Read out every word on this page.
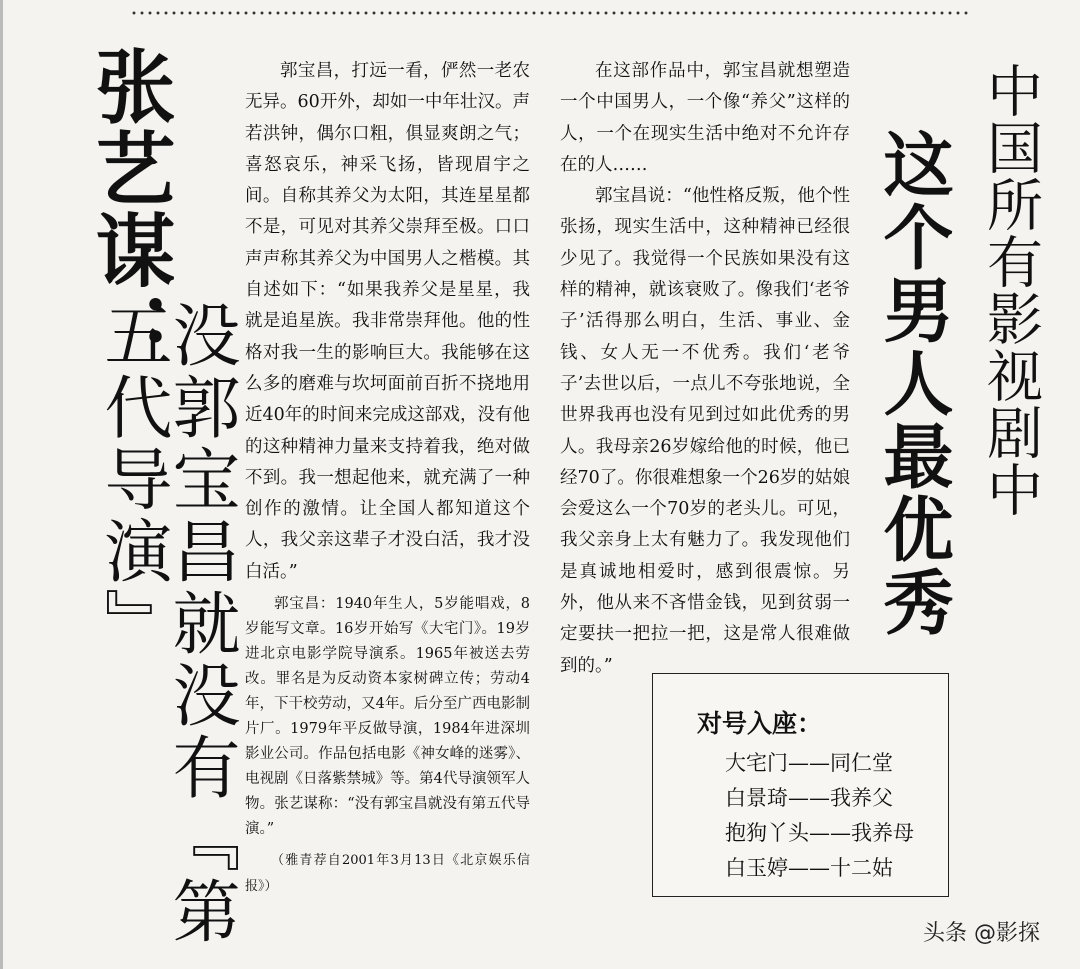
张艺谋：
没郭宝昌就没有『第五代导演』

郭宝昌，打远一看，俨然一老农无异。60开外，却如一中年壮汉。声若洪钟，偶尔口粗，俱显爽朗之气；喜怒哀乐，神采飞扬，皆现眉宇之间。自称其养父为太阳，其连星星都不是，可见对其养父崇拜至极。口口声声称其养父为中国男人之楷模。其自述如下：“如果我养父是星星，我就是追星族。我非常崇拜他。他的性格对我一生的影响巨大。我能够在这么多的磨难与坎坷面前百折不挠地用近40年的时间来完成这部戏，没有他的这种精神力量来支持着我，绝对做不到。我一想起他来，就充满了一种创作的激情。让全国人都知道这个人，我父亲这辈子才没白活，我才没白活。”

郭宝昌：1940年生人，5岁能唱戏，8岁能写文章。16岁开始写《大宅门》。19岁进北京电影学院导演系。1965年被送去劳改。罪名是为反动资本家树碑立传；劳动4年，下干校劳动，又4年。后分至广西电影制片厂。1979年平反做导演，1984年进深圳影业公司。作品包括电影《神女峰的迷雾》、电视剧《日落紫禁城》等。第4代导演领军人物。张艺谋称：“没有郭宝昌就没有第五代导演。”

（雅青荐自2001年3月13日《北京娱乐信报》）

在这部作品中，郭宝昌就想塑造一个中国男人，一个像“养父”这样的人，一个在现实生活中绝对不允许存在的人……

郭宝昌说：“他性格反叛，他个性张扬，现实生活中，这种精神已经很少见了。我觉得一个民族如果没有这样的精神，就该衰败了。像我们‘老爷子’活得那么明白，生活、事业、金钱、女人无一不优秀。我们‘老爷子’去世以后，一点儿不夸张地说，全世界我再也没有见到过如此优秀的男人。我母亲26岁嫁给他的时候，他已经70了。你很难想象一个26岁的姑娘会爱这么一个70岁的老头儿。可见，我父亲身上太有魅力了。我发现他们是真诚地相爱时，感到很震惊。另外，他从来不吝惜金钱，见到贫弱一定要扶一把拉一把，这是常人很难做到的。”

中国所有影视剧中
这个男人最优秀
对号入座：
大宅门——同仁堂
白景琦——我养父
抱狗丫头——我养母
白玉婷——十二姑
头条 @影探
